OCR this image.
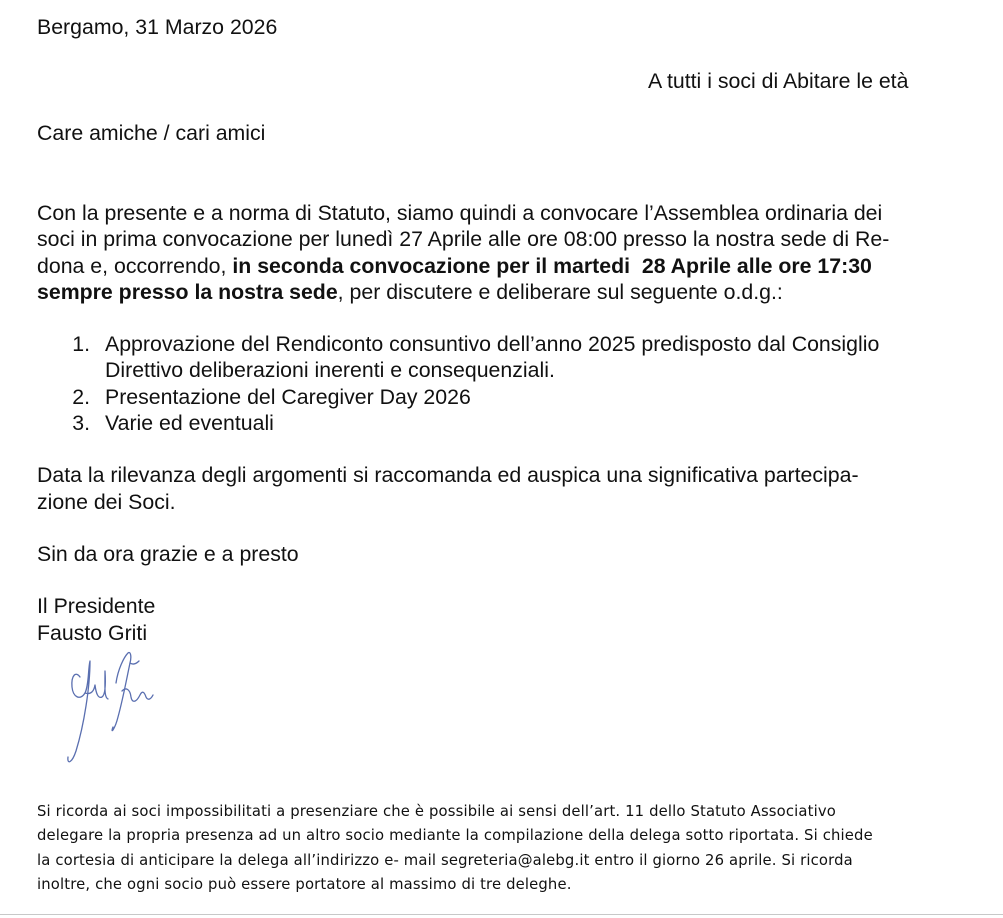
Bergamo, 31 Marzo 2026
A tutti i soci di Abitare le età
Care amiche / cari amici
Con la presente e a norma di Statuto, siamo quindi a convocare l’Assemblea ordinaria dei
soci in prima convocazione per lunedì 27 Aprile alle ore 08:00 presso la nostra sede di Re-
dona e, occorrendo, in seconda convocazione per il martedi  28 Aprile alle ore 17:30
sempre presso la nostra sede, per discutere e deliberare sul seguente o.d.g.:
1. Approvazione del Rendiconto consuntivo dell’anno 2025 predisposto dal Consiglio
Direttivo deliberazioni inerenti e consequenziali.
2. Presentazione del Caregiver Day 2026
3. Varie ed eventuali
Data la rilevanza degli argomenti si raccomanda ed auspica una significativa partecipa-
zione dei Soci.
Sin da ora grazie e a presto
Il Presidente
Fausto Griti
Si ricorda ai soci impossibilitati a presenziare che è possibile ai sensi dell’art. 11 dello Statuto Associativo
delegare la propria presenza ad un altro socio mediante la compilazione della delega sotto riportata. Si chiede
la cortesia di anticipare la delega all’indirizzo e- mail segreteria@alebg.it entro il giorno 26 aprile. Si ricorda
inoltre, che ogni socio può essere portatore al massimo di tre deleghe.
